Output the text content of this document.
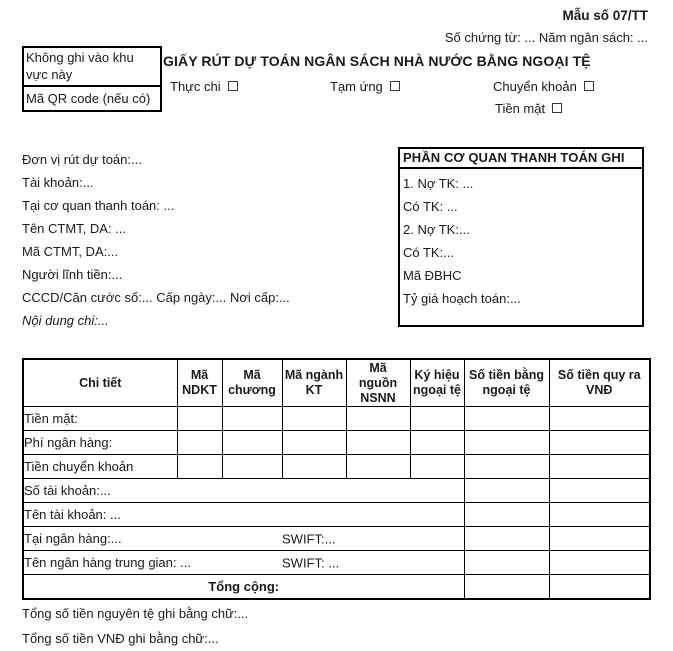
Mẫu số 07/TT
Số chứng từ: ... Năm ngân sách: ...
Không ghi vào khu vực này
Mã QR code (nếu có)
GIẤY RÚT DỰ TOÁN NGÂN SÁCH NHÀ NƯỚC BẰNG NGOẠI TỆ
Thực chi	Tạm ứng	Chuyển khoản
Tiền mặt
Đơn vị rút dự toán:...
Tài khoản:...
Tại cơ quan thanh toán: ...
Tên CTMT, DA: ...
Mã CTMT, DA:...
Người lĩnh tiền:...
CCCD/Căn cước số:... Cấp ngày:... Nơi cấp:...
Nội dung chi:...
PHẦN CƠ QUAN THANH TOÁN GHI
1. Nợ TK: ...
Có TK: ...
2. Nợ TK:...
Có TK:...
Mã ĐBHC
Tỷ giá hoạch toán:...
Chi tiết	Mã NDKT	Mã chương	Mã ngành KT	Mã nguồn NSNN	Ký hiệu ngoại tệ	Số tiền bằng ngoại tệ	Số tiền quy ra VNĐ
Tiền mặt:							
Phí ngân hàng:							
Tiền chuyển khoản							
Số tài khoản:...					

Tên tài khoản: ...					

Tại ngân hàng:... SWIFT:...							

Tên ngân hàng trung gian: ... SWIFT: ...							

Tổng cộng:							
Tổng số tiền nguyên tệ ghi bằng chữ:...
Tổng số tiền VNĐ ghi bằng chữ:...
